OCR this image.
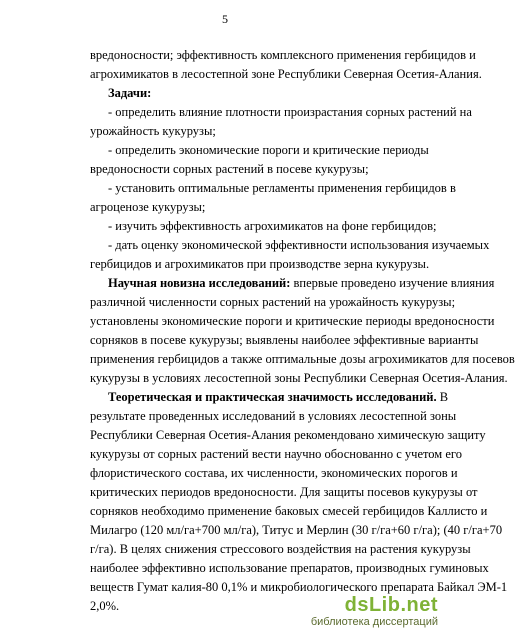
5
вредоносности; эффективность комплексного применения гербицидов и
агрохимикатов в лесостепной зоне Республики Северная Осетия-Алания.
Задачи:
- определить влияние плотности произрастания сорных растений на
урожайность кукурузы;
- определить экономические пороги и критические периоды
вредоносности сорных растений в посеве кукурузы;
- установить оптимальные регламенты применения гербицидов в
агроценозе кукурузы;
- изучить эффективность агрохимикатов на фоне гербицидов;
- дать оценку экономической эффективности использования изучаемых
гербицидов и агрохимикатов при производстве зерна кукурузы.
Научная новизна исследований: впервые проведено изучение влияния
различной численности сорных растений на урожайность кукурузы;
установлены экономические пороги и критические периоды вредоносности
сорняков в посеве кукурузы; выявлены наиболее эффективные варианты
применения гербицидов а также оптимальные дозы агрохимикатов для посевов
кукурузы в условиях лесостепной зоны Республики Северная Осетия-Алания.
Теоретическая и практическая значимость исследований. В
результате проведенных исследований в условиях лесостепной зоны
Республики Северная Осетия-Алания рекомендовано химическую защиту
кукурузы от сорных растений вести научно обоснованно с учетом его
флористического состава, их численности, экономических порогов и
критических периодов вредоносности. Для защиты посевов кукурузы от
сорняков необходимо применение баковых смесей гербицидов Каллисто и
Милагро (120 мл/га+700 мл/га), Титус и Мерлин (30 г/га+60 г/га); (40 г/га+70
г/га). В целях снижения стрессового воздействия на растения кукурузы
наиболее эффективно использование препаратов, производных гуминовых
веществ Гумат калия-80 0,1% и микробиологического препарата Байкал ЭМ-1
2,0%.	dsLib.net
библиотека диссертаций
